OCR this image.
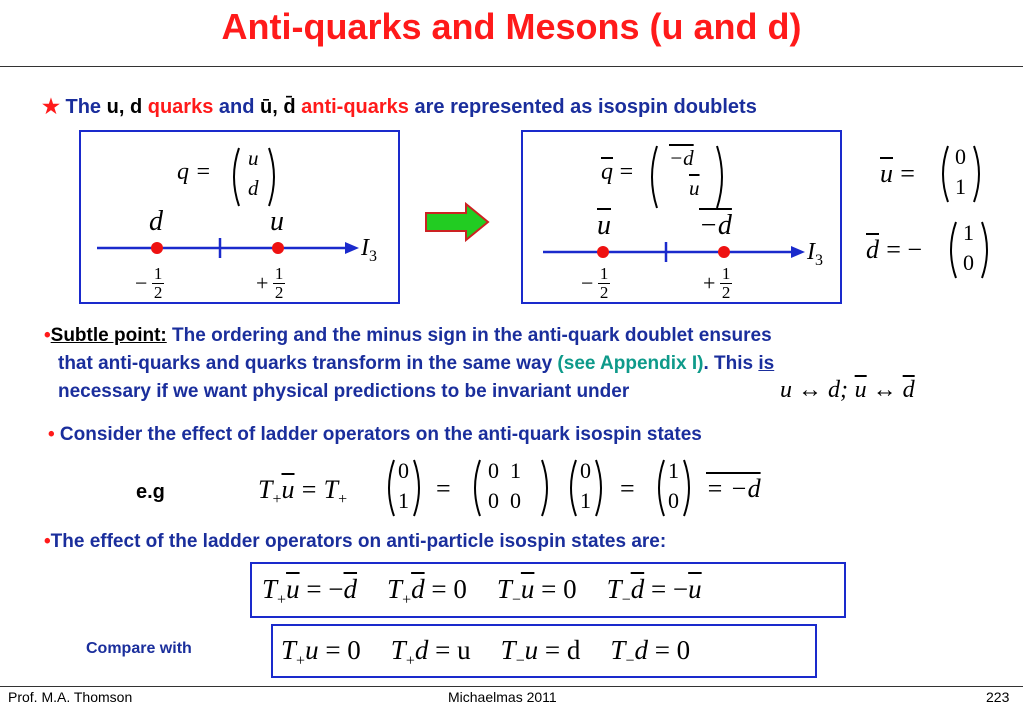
Anti-quarks and Mesons (u and d)
★ The u, d quarks and ū, d̄ anti-quarks are represented as isospin doublets
q =
u
d
d	u
$I_3$
− $\frac{1}{2}$	+ $\frac{1}{2}$
$\overline{q}$ =
−d
$\overline{u}$
$\overline{u}$	−d
$I_3$
− $\frac{1}{2}$	+ $\frac{1}{2}$
$\overline{u}$ =
0
1
$\overline{d}$ = −
1
0
•Subtle point: The ordering and the minus sign in the anti-quark doublet ensures
that anti-quarks and quarks transform in the same way (see Appendix I). This is
necessary if we want physical predictions to be invariant under	u ↔ d; $\overline{u}$ ↔ $\overline{d}$
• Consider the effect of ladder operators on the anti-quark isospin states
e.g	$T_+\overline{u} = T_+$
0
1 =
0  1
0  0
0
1 =
1
0 = −d
•The effect of the ladder operators on anti-particle isospin states are:
$T_+\overline{u} = -\overline{d}$ $T_+\overline{d} = 0$ $T_-\overline{u} = 0$ $T_-\overline{d} = -\overline{u}$
Compare with	$T_+u = 0$ $T_+d = u$ $T_-u = d$ $T_-d = 0$
Prof. M.A. Thomson	Michaelmas 2011	223
